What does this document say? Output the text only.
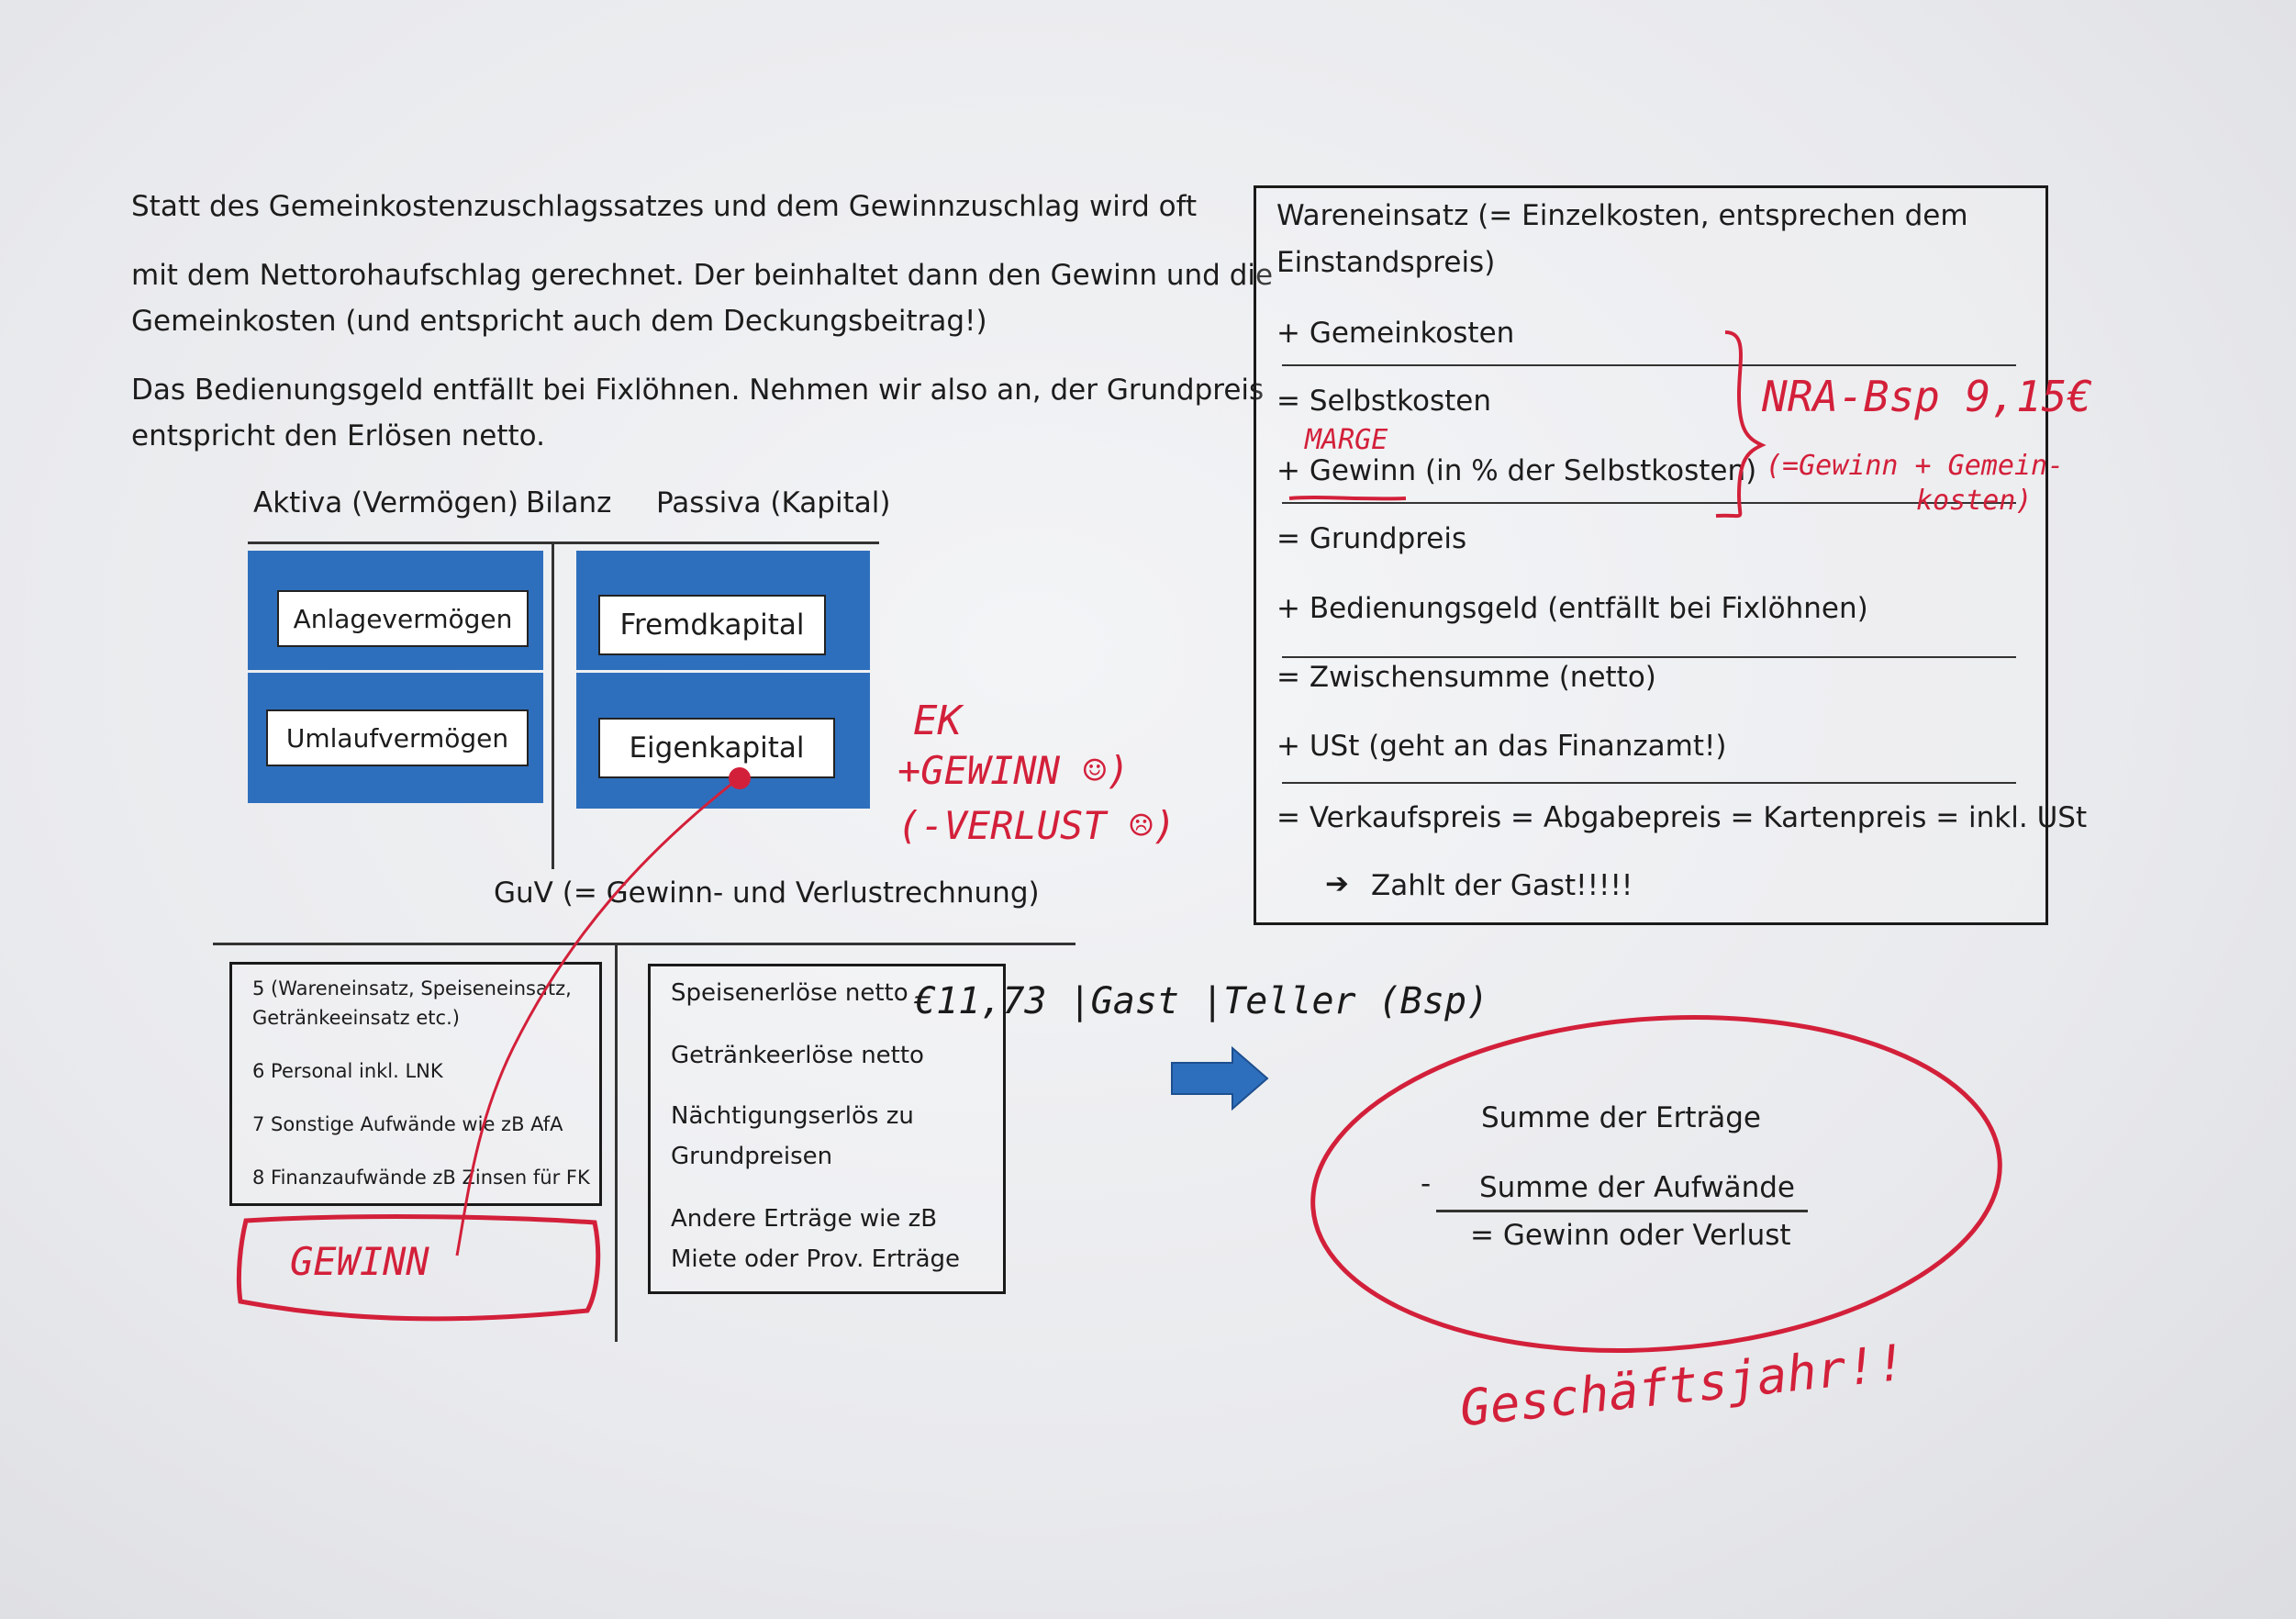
Statt des Gemeinkostenzuschlagssatzes und dem Gewinnzuschlag wird oft
mit dem Nettorohaufschlag gerechnet. Der beinhaltet dann den Gewinn und die
Gemeinkosten (und entspricht auch dem Deckungsbeitrag!)
Das Bedienungsgeld entfällt bei Fixlöhnen. Nehmen wir also an, der Grundpreis
entspricht den Erlösen netto.
Aktiva (Vermögen) Bilanz Passiva (Kapital)
Anlagevermögen
Umlaufvermögen
Fremdkapital
Eigenkapital
Wareneinsatz (= Einzelkosten, entsprechen dem
Einstandspreis)
+ Gemeinkosten
= Selbstkosten
+ Gewinn (in % der Selbstkosten)
= Grundpreis
+ Bedienungsgeld (entfällt bei Fixlöhnen)
= Zwischensumme (netto)
+ USt (geht an das Finanzamt!)
= Verkaufspreis = Abgabepreis = Kartenpreis = inkl. USt
➔ Zahlt der Gast!!!!!
GuV (= Gewinn- und Verlustrechnung)
5 (Wareneinsatz, Speiseneinsatz,
Getränkeeinsatz etc.)
6 Personal inkl. LNK
7 Sonstige Aufwände wie zB AfA
8 Finanzaufwände zB Zinsen für FK
Speisenerlöse netto
Getränkeerlöse netto
Nächtigungserlös zu
Grundpreisen
Andere Erträge wie zB
Miete oder Prov. Erträge
Summe der Erträge
- Summe der Aufwände
= Gewinn oder Verlust
NRA-Bsp 9,15€
(=Gewinn + Gemein-
kosten)
MARGE
EK
+GEWINN ☺)
(-VERLUST ☹)
€11,73 |Gast |Teller (Bsp)
GEWINN
Geschäftsjahr!!
